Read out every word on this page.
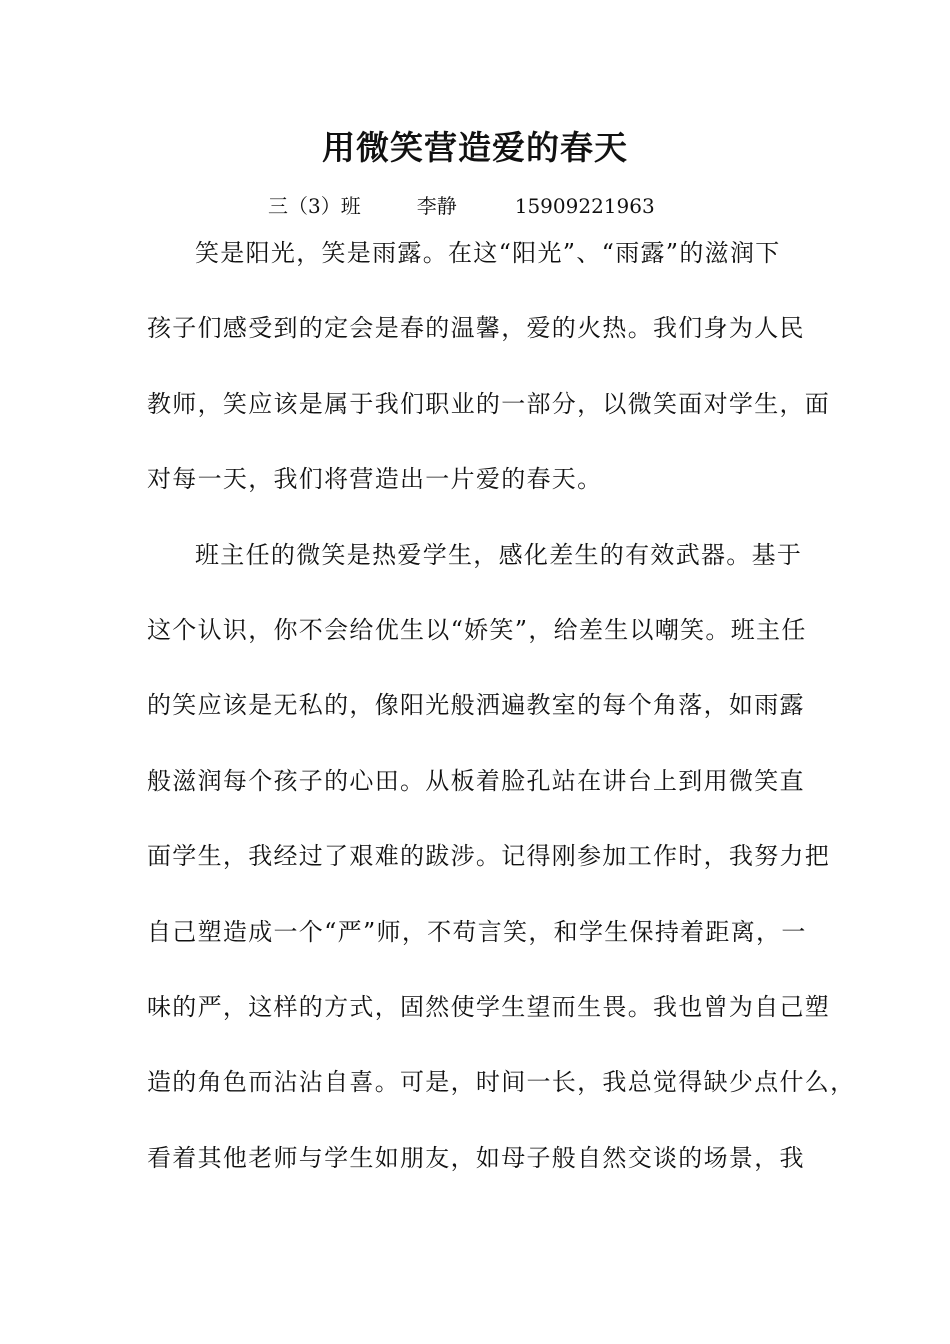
用微笑营造爱的春天
三（3）班	李静	15909221963
笑是阳光，笑是雨露。在这“阳光”、“雨露”的滋润下
孩子们感受到的定会是春的温馨，爱的火热。我们身为人民
教师，笑应该是属于我们职业的一部分，以微笑面对学生，面
对每一天，我们将营造出一片爱的春天。
班主任的微笑是热爱学生，感化差生的有效武器。基于
这个认识，你不会给优生以“娇笑”，给差生以嘲笑。班主任
的笑应该是无私的，像阳光般洒遍教室的每个角落，如雨露
般滋润每个孩子的心田。从板着脸孔站在讲台上到用微笑直
面学生，我经过了艰难的跋涉。记得刚参加工作时，我努力把
自己塑造成一个“严”师，不苟言笑，和学生保持着距离，一
味的严，这样的方式，固然使学生望而生畏。我也曾为自己塑
造的角色而沾沾自喜。可是，时间一长，我总觉得缺少点什么，
看着其他老师与学生如朋友，如母子般自然交谈的场景，我
